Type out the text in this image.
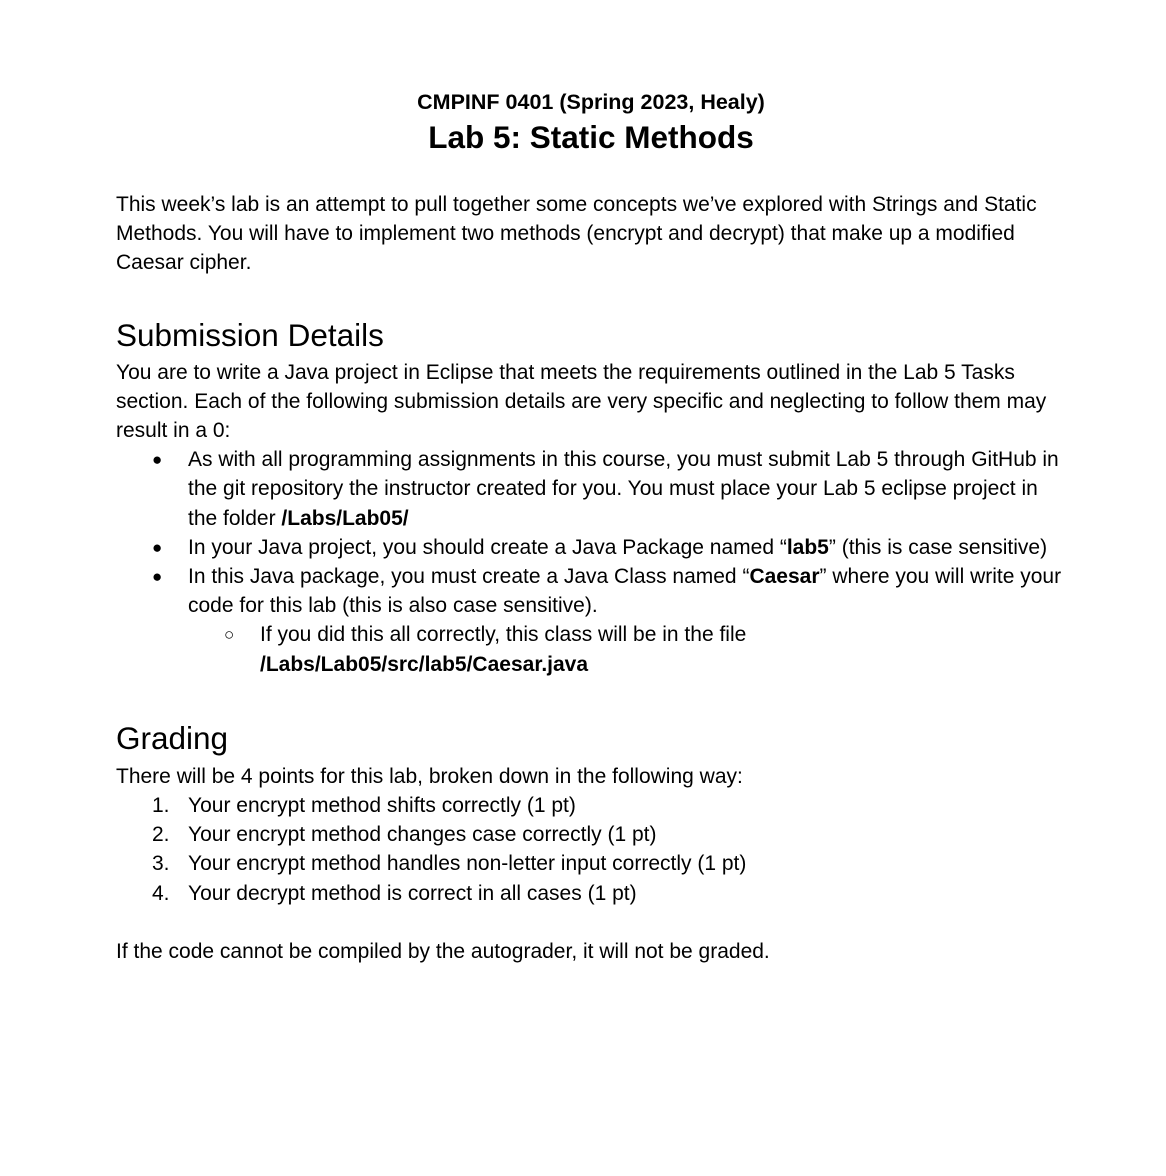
CMPINF 0401 (Spring 2023, Healy)
Lab 5: Static Methods

This week’s lab is an attempt to pull together some concepts we’ve explored with Strings and Static Methods. You will have to implement two methods (encrypt and decrypt) that make up a modified Caesar cipher.

Submission Details

You are to write a Java project in Eclipse that meets the requirements outlined in the Lab 5 Tasks section. Each of the following submission details are very specific and neglecting to follow them may result in a 0:

●	As with all programming assignments in this course, you must submit Lab 5 through GitHub in the git repository the instructor created for you. You must place your Lab 5 eclipse project in the folder /Labs/Lab05/
●	In your Java project, you should create a Java Package named “lab5” (this is case sensitive)
●	In this Java package, you must create a Java Class named “Caesar” where you will write your code for this lab (this is also case sensitive).
○ If you did this all correctly, this class will be in the file
/Labs/Lab05/src/lab5/Caesar.java
Grading

There will be 4 points for this lab, broken down in the following way:

1. Your encrypt method shifts correctly (1 pt)
2. Your encrypt method changes case correctly (1 pt)
3. Your encrypt method handles non-letter input correctly (1 pt)
4. Your decrypt method is correct in all cases (1 pt)

If the code cannot be compiled by the autograder, it will not be graded.
